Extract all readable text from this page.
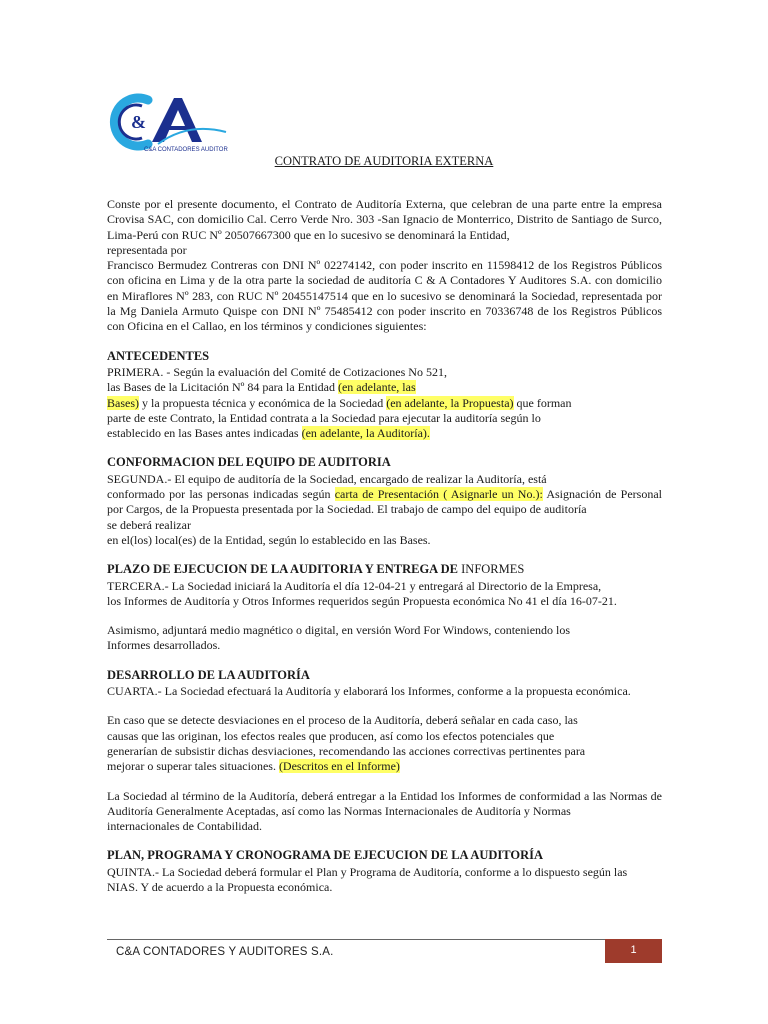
&
C&A CONTADORES AUDITORES
CONTRATO DE AUDITORIA EXTERNA
Conste por el presente documento, el Contrato de Auditoría Externa, que celebran de una parte entre la empresa Crovisa SAC, con domicilio Cal. Cerro Verde Nro. 303 -San Ignacio de Monterrico, Distrito de Santiago de Surco, Lima-Perú con RUC Nº 20507667300 que en lo sucesivo se denominará la Entidad,
representada por
Francisco Bermudez Contreras con DNI Nº 02274142, con poder inscrito en 11598412 de los Registros Públicos con oficina en Lima y de la otra parte la sociedad de auditoría C & A Contadores Y Auditores S.A. con domicilio en Miraflores Nº 283, con RUC Nº 20455147514 que en lo sucesivo se denominará la Sociedad, representada por la Mg Daniela Armuto Quispe con DNI Nº 75485412 con poder inscrito en 70336748 de los Registros Públicos con Oficina en el Callao, en los términos y condiciones siguientes:
ANTECEDENTES
PRIMERA. - Según la evaluación del Comité de Cotizaciones No 521,
las Bases de la Licitación Nº 84 para la Entidad (en adelante, las
Bases) y la propuesta técnica y económica de la Sociedad (en adelante, la Propuesta) que forman
parte de este Contrato, la Entidad contrata a la Sociedad para ejecutar la auditoría según lo
establecido en las Bases antes indicadas (en adelante, la Auditoría).
CONFORMACION DEL EQUIPO DE AUDITORIA
SEGUNDA.- El equipo de auditoría de la Sociedad, encargado de realizar la Auditoría, está
conformado por las personas indicadas según carta de Presentación ( Asignarle un No.): Asignación de Personal por Cargos, de la Propuesta presentada por la Sociedad. El trabajo de campo del equipo de auditoría
se deberá realizar
en el(los) local(es) de la Entidad, según lo establecido en las Bases.
PLAZO DE EJECUCION DE LA AUDITORIA Y ENTREGA DE INFORMES
TERCERA.- La Sociedad iniciará la Auditoría el día 12-04-21 y entregará al Directorio de la Empresa,
los Informes de Auditoría y Otros Informes requeridos según Propuesta económica No 41 el día 16-07-21.
Asimismo, adjuntará medio magnético o digital, en versión Word For Windows, conteniendo los
Informes desarrollados.
DESARROLLO DE LA AUDITORÍA
CUARTA.- La Sociedad efectuará la Auditoría y elaborará los Informes, conforme a la propuesta económica.
En caso que se detecte desviaciones en el proceso de la Auditoría, deberá señalar en cada caso, las
causas que las originan, los efectos reales que producen, así como los efectos potenciales que
generarían de subsistir dichas desviaciones, recomendando las acciones correctivas pertinentes para
mejorar o superar tales situaciones. (Descritos en el Informe)
La Sociedad al término de la Auditoría, deberá entregar a la Entidad los Informes de conformidad a las Normas de Auditoría Generalmente Aceptadas, así como las Normas Internacionales de Auditoría y Normas
internacionales de Contabilidad.
PLAN, PROGRAMA Y CRONOGRAMA DE EJECUCION DE LA AUDITORÍA
QUINTA.- La Sociedad deberá formular el Plan y Programa de Auditoría, conforme a lo dispuesto según las
NIAS. Y de acuerdo a la Propuesta económica.
C&A CONTADORES Y AUDITORES S.A.	1
